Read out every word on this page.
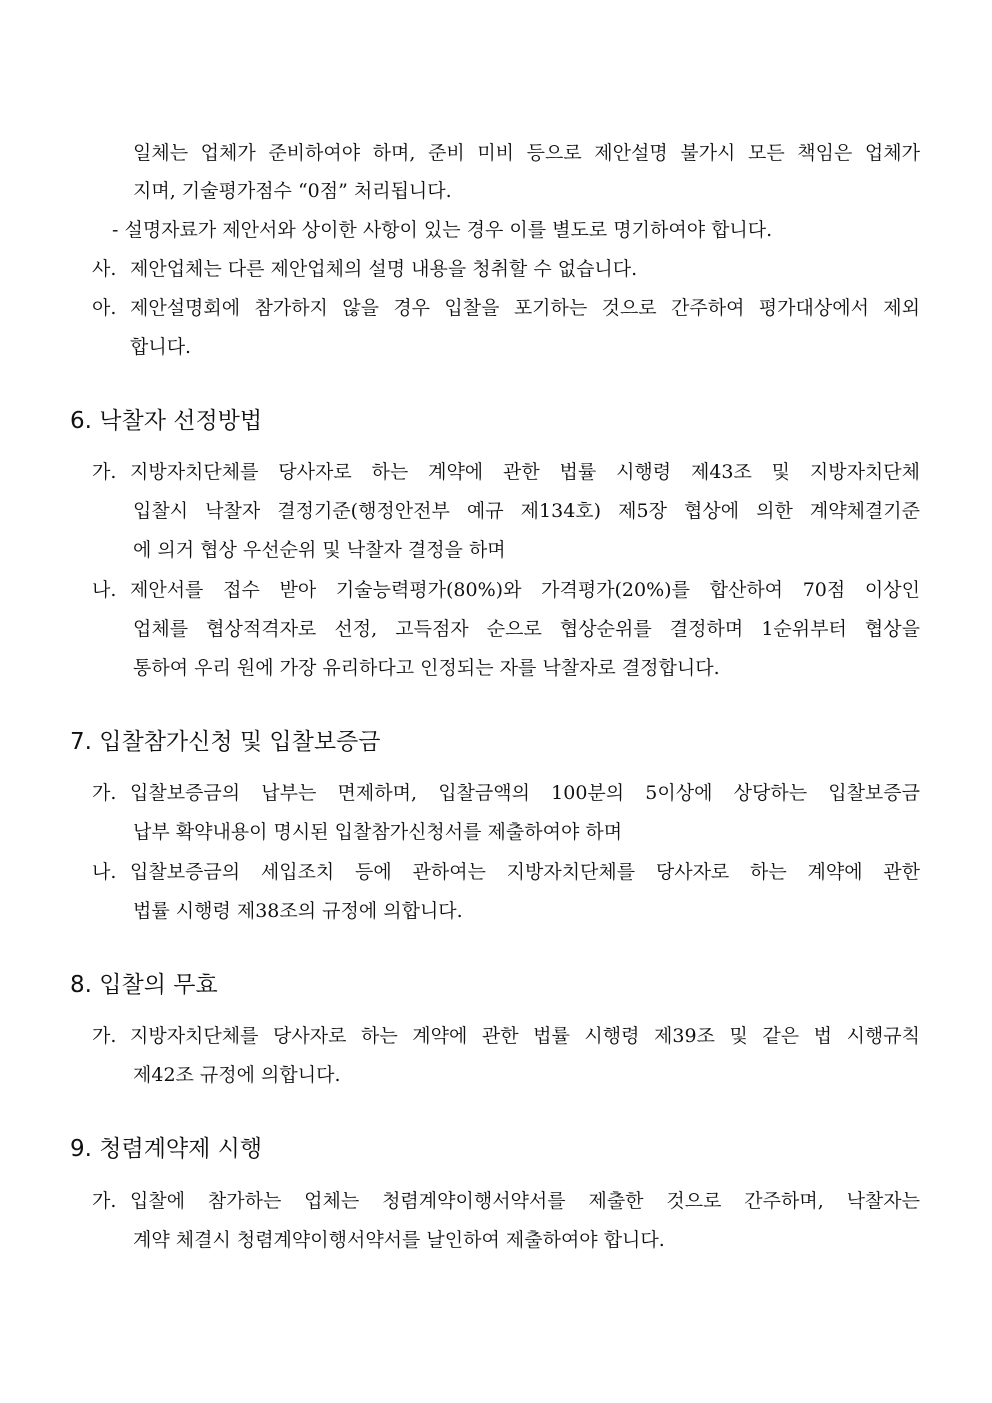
일체는 업체가 준비하여야 하며, 준비 미비 등으로 제안설명 불가시 모든 책임은 업체가
지며, 기술평가점수 “0점” 처리됩니다.
- 설명자료가 제안서와 상이한 사항이 있는 경우 이를 별도로 명기하여야 합니다.
사. 제안업체는 다른 제안업체의 설명 내용을 청취할 수 없습니다.
아. 제안설명회에 참가하지 않을 경우 입찰을 포기하는 것으로 간주하여 평가대상에서 제외
합니다.
6. 낙찰자 선정방법
가. 지방자치단체를 당사자로 하는 계약에 관한 법률 시행령 제43조 및 지방자치단체
입찰시 낙찰자 결정기준(행정안전부 예규 제134호) 제5장 협상에 의한 계약체결기준
에 의거 협상 우선순위 및 낙찰자 결정을 하며
나. 제안서를 접수 받아 기술능력평가(80%)와 가격평가(20%)를 합산하여 70점 이상인
업체를 협상적격자로 선정, 고득점자 순으로 협상순위를 결정하며 1순위부터 협상을
통하여 우리 원에 가장 유리하다고 인정되는 자를 낙찰자로 결정합니다.
7. 입찰참가신청 및 입찰보증금
가. 입찰보증금의 납부는 면제하며, 입찰금액의 100분의 5이상에 상당하는 입찰보증금
납부 확약내용이 명시된 입찰참가신청서를 제출하여야 하며
나. 입찰보증금의 세입조치 등에 관하여는 지방자치단체를 당사자로 하는 계약에 관한
법률 시행령 제38조의 규정에 의합니다.
8. 입찰의 무효
가. 지방자치단체를 당사자로 하는 계약에 관한 법률 시행령 제39조 및 같은 법 시행규칙
제42조 규정에 의합니다.
9. 청렴계약제 시행
가. 입찰에 참가하는 업체는 청렴계약이행서약서를 제출한 것으로 간주하며, 낙찰자는
계약 체결시 청렴계약이행서약서를 날인하여 제출하여야 합니다.
